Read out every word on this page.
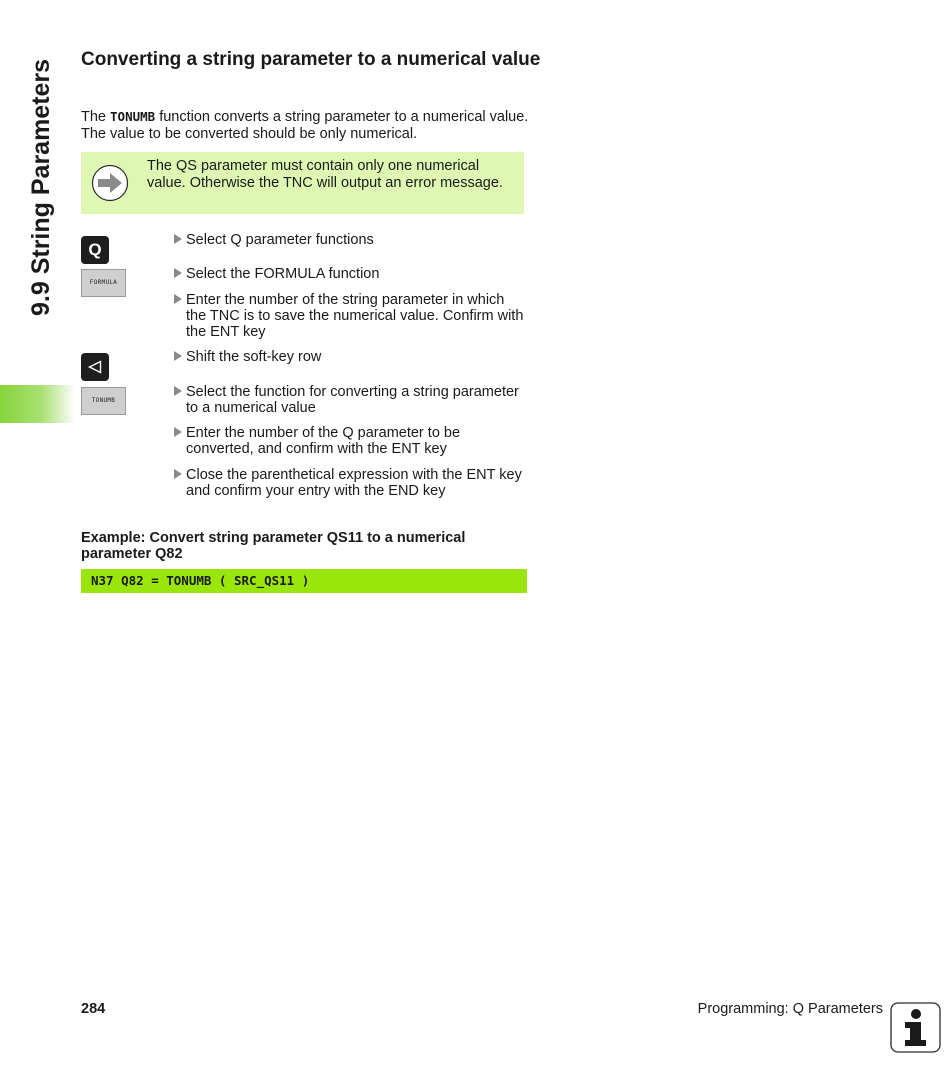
9.9 String Parameters Converting a string parameter to a numerical value

The TONUMB function converts a string parameter to a numerical value. The value to be converted should be only numerical.

The QS parameter must contain only one numerical value. Otherwise the TNC will output an error message.
Q
FORMULA
TONUMB
Select Q parameter functions
Select the FORMULA function
Enter the number of the string parameter in which the TNC is to save the numerical value. Confirm with the ENT key
Shift the soft-key row
Select the function for converting a string parameter to a numerical value
Enter the number of the Q parameter to be converted, and confirm with the ENT key
Close the parenthetical expression with the ENT key and confirm your entry with the END key
Example: Convert string parameter QS11 to a numerical parameter Q82
N37 Q82 = TONUMB ( SRC_QS11 )
284	Programming: Q Parameters
